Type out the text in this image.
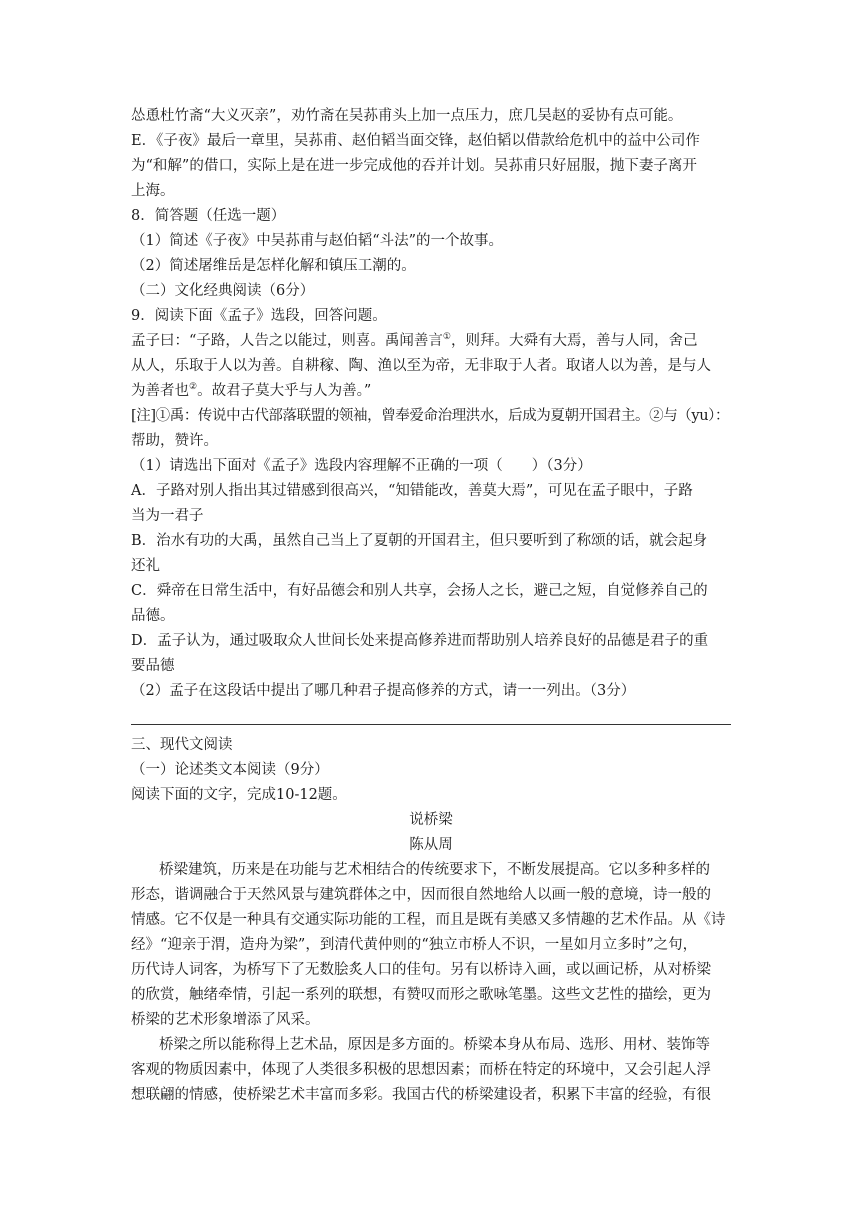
怂恿杜竹斋“大义灭亲”，劝竹斋在吴荪甫头上加一点压力，庶几吴赵的妥协有点可能。
E．《子夜》最后一章里，吴荪甫、赵伯韬当面交锋，赵伯韬以借款给危机中的益中公司作
为“和解”的借口，实际上是在进一步完成他的吞并计划。吴荪甫只好屈服，抛下妻子离开
上海。
8．简答题（任选一题）
（1）简述《子夜》中吴荪甫与赵伯韬“斗法”的一个故事。
（2）简述屠维岳是怎样化解和镇压工潮的。
（二）文化经典阅读（6分）
9．阅读下面《孟子》选段，回答问题。
孟子曰：“子路，人告之以能过，则喜。禹闻善言①，则拜。大舜有大焉，善与人同，舍己
从人，乐取于人以为善。自耕稼、陶、渔以至为帝，无非取于人者。取诸人以为善，是与人
为善者也②。故君子莫大乎与人为善。”
[注]①禹：传说中古代部落联盟的领袖，曾奉爱命治理洪水，后成为夏朝开国君主。②与（yu）：
帮助，赞许。
（1）请选出下面对《孟子》选段内容理解不正确的一项（　　）（3分）
A．子路对别人指出其过错感到很高兴，“知错能改，善莫大焉”，可见在孟子眼中，子路
当为一君子
B．治水有功的大禹，虽然自己当上了夏朝的开国君主，但只要听到了称颂的话，就会起身
还礼
C．舜帝在日常生活中，有好品德会和别人共享，会扬人之长，避己之短，自觉修养自己的
品德。
D．孟子认为，通过吸取众人世间长处来提高修养进而帮助别人培养良好的品德是君子的重
要品德
（2）孟子在这段话中提出了哪几种君子提高修养的方式，请一一列出。（3分）
三、现代文阅读
（一）论述类文本阅读（9分）
阅读下面的文字，完成10-12题。
说桥梁
陈从周
桥梁建筑，历来是在功能与艺术相结合的传统要求下，不断发展提高。它以多种多样的
形态，谐调融合于天然风景与建筑群体之中，因而很自然地给人以画一般的意境，诗一般的
情感。它不仅是一种具有交通实际功能的工程，而且是既有美感又多情趣的艺术作品。从《诗
经》“迎亲于渭，造舟为梁”，到清代黄仲则的“独立市桥人不识，一星如月立多时”之句，
历代诗人词客，为桥写下了无数脍炙人口的佳句。另有以桥诗入画，或以画记桥，从对桥梁
的欣赏，触绪牵情，引起一系列的联想，有赞叹而形之歌咏笔墨。这些文艺性的描绘，更为
桥梁的艺术形象增添了风采。
桥梁之所以能称得上艺术品，原因是多方面的。桥梁本身从布局、选形、用材、装饰等
客观的物质因素中，体现了人类很多积极的思想因素；而桥在特定的环境中，又会引起人浮
想联翩的情感，使桥梁艺术丰富而多彩。我国古代的桥梁建设者，积累下丰富的经验，有很
